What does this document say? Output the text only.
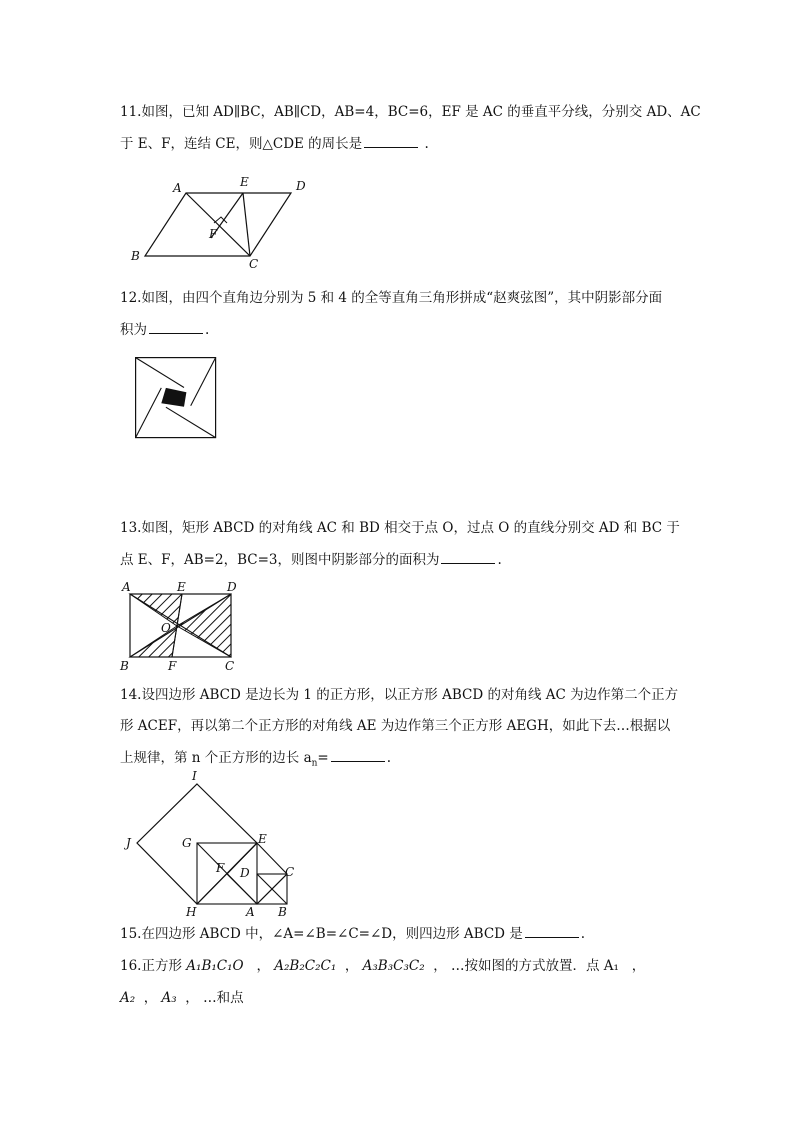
11.如图，已知 AD∥BC，AB∥CD，AB=4，BC=6，EF 是 AC 的垂直平分线，分别交 AD、AC
于 E、F，连结 CE，则△CDE 的周长是	.
A	E	D
F
B
C
12.如图，由四个直角边分别为 5 和 4 的全等直角三角形拼成“赵爽弦图”，其中阴影部分面
积为	.
13.如图，矩形 ABCD 的对角线 AC 和 BD 相交于点 O，过点 O 的直线分别交 AD 和 BC 于
点 E、F，AB=2，BC=3，则图中阴影部分的面积为	.
A	E	D
O
B	F	C
14.设四边形 ABCD 是边长为 1 的正方形，以正方形 ABCD 的对角线 AC 为边作第二个正方
形 ACEF，再以第二个正方形的对角线 AE 为边作第三个正方形 AEGH，如此下去…根据以
上规律，第 n 个正方形的边长 $a_n=$	.
I
J	G	E
F D	C
H	A B
15.在四边形 ABCD 中，∠A=∠B=∠C=∠D，则四边形 ABCD 是	.
16.正方形 A₁B₁C₁O   ， A₂B₂C₂C₁  ， A₃B₃C₃C₂  ， …按如图的方式放置．点 A₁   ，
A₂  ， A₃  ， …和点
